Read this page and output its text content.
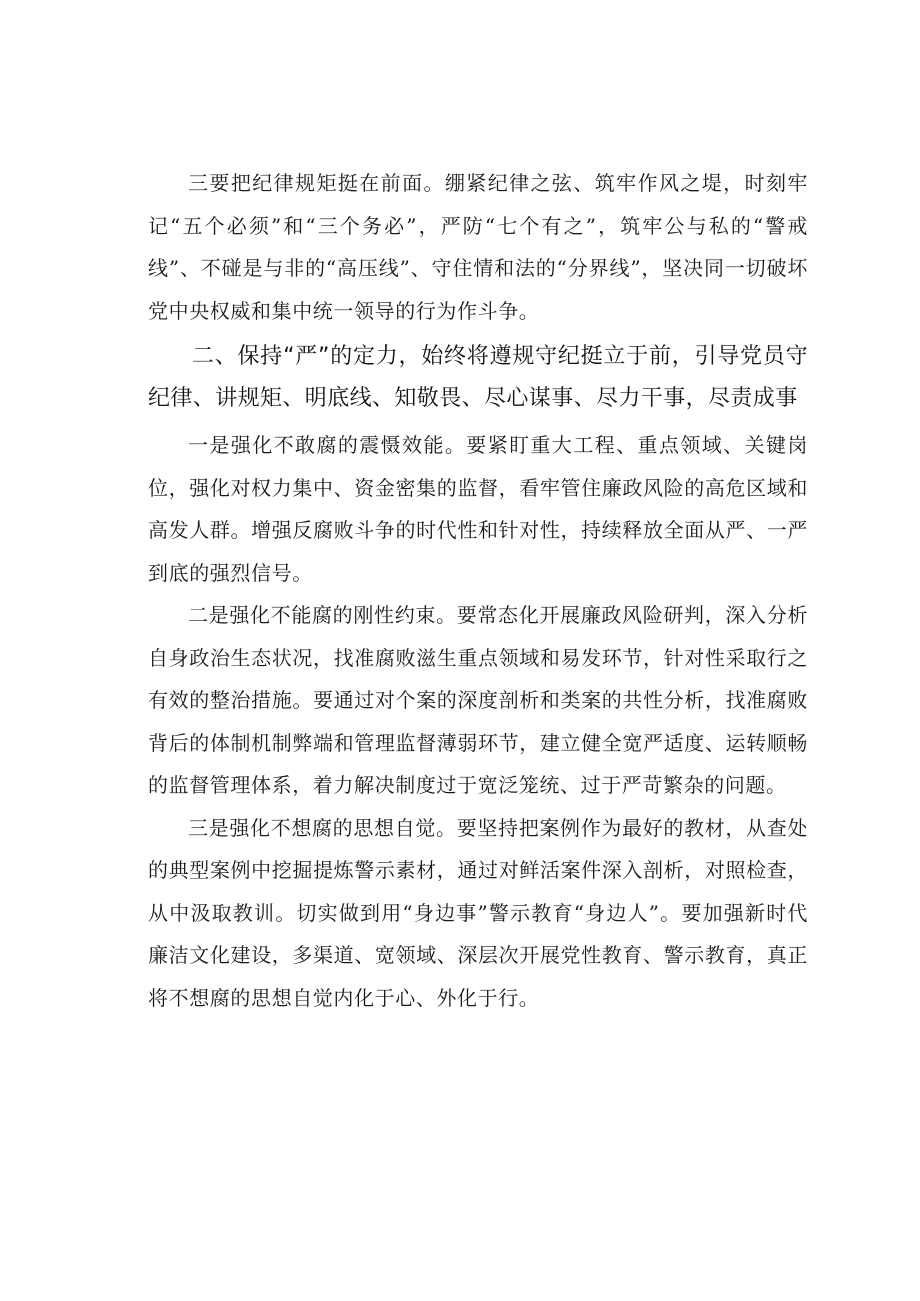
三要把纪律规矩挺在前面。绷紧纪律之弦、筑牢作风之堤，时刻牢记“五个必须”和“三个务必”，严防“七个有之”，筑牢公与私的“警戒线”、不碰是与非的“高压线”、守住情和法的“分界线”，坚决同一切破坏党中央权威和集中统一领导的行为作斗争。

二、保持“严”的定力，始终将遵规守纪挺立于前，引导党员守纪律、讲规矩、明底线、知敬畏、尽心谋事、尽力干事，尽责成事

一是强化不敢腐的震慑效能。要紧盯重大工程、重点领域、关键岗位，强化对权力集中、资金密集的监督，看牢管住廉政风险的高危区域和高发人群。增强反腐败斗争的时代性和针对性，持续释放全面从严、一严到底的强烈信号。

二是强化不能腐的刚性约束。要常态化开展廉政风险研判，深入分析自身政治生态状况，找准腐败滋生重点领域和易发环节，针对性采取行之有效的整治措施。要通过对个案的深度剖析和类案的共性分析，找准腐败背后的体制机制弊端和管理监督薄弱环节，建立健全宽严适度、运转顺畅的监督管理体系，着力解决制度过于宽泛笼统、过于严苛繁杂的问题。

三是强化不想腐的思想自觉。要坚持把案例作为最好的教材，从查处的典型案例中挖掘提炼警示素材，通过对鲜活案件深入剖析，对照检查，从中汲取教训。切实做到用“身边事”警示教育“身边人”。要加强新时代廉洁文化建设，多渠道、宽领域、深层次开展党性教育、警示教育，真正将不想腐的思想自觉内化于心、外化于行。
